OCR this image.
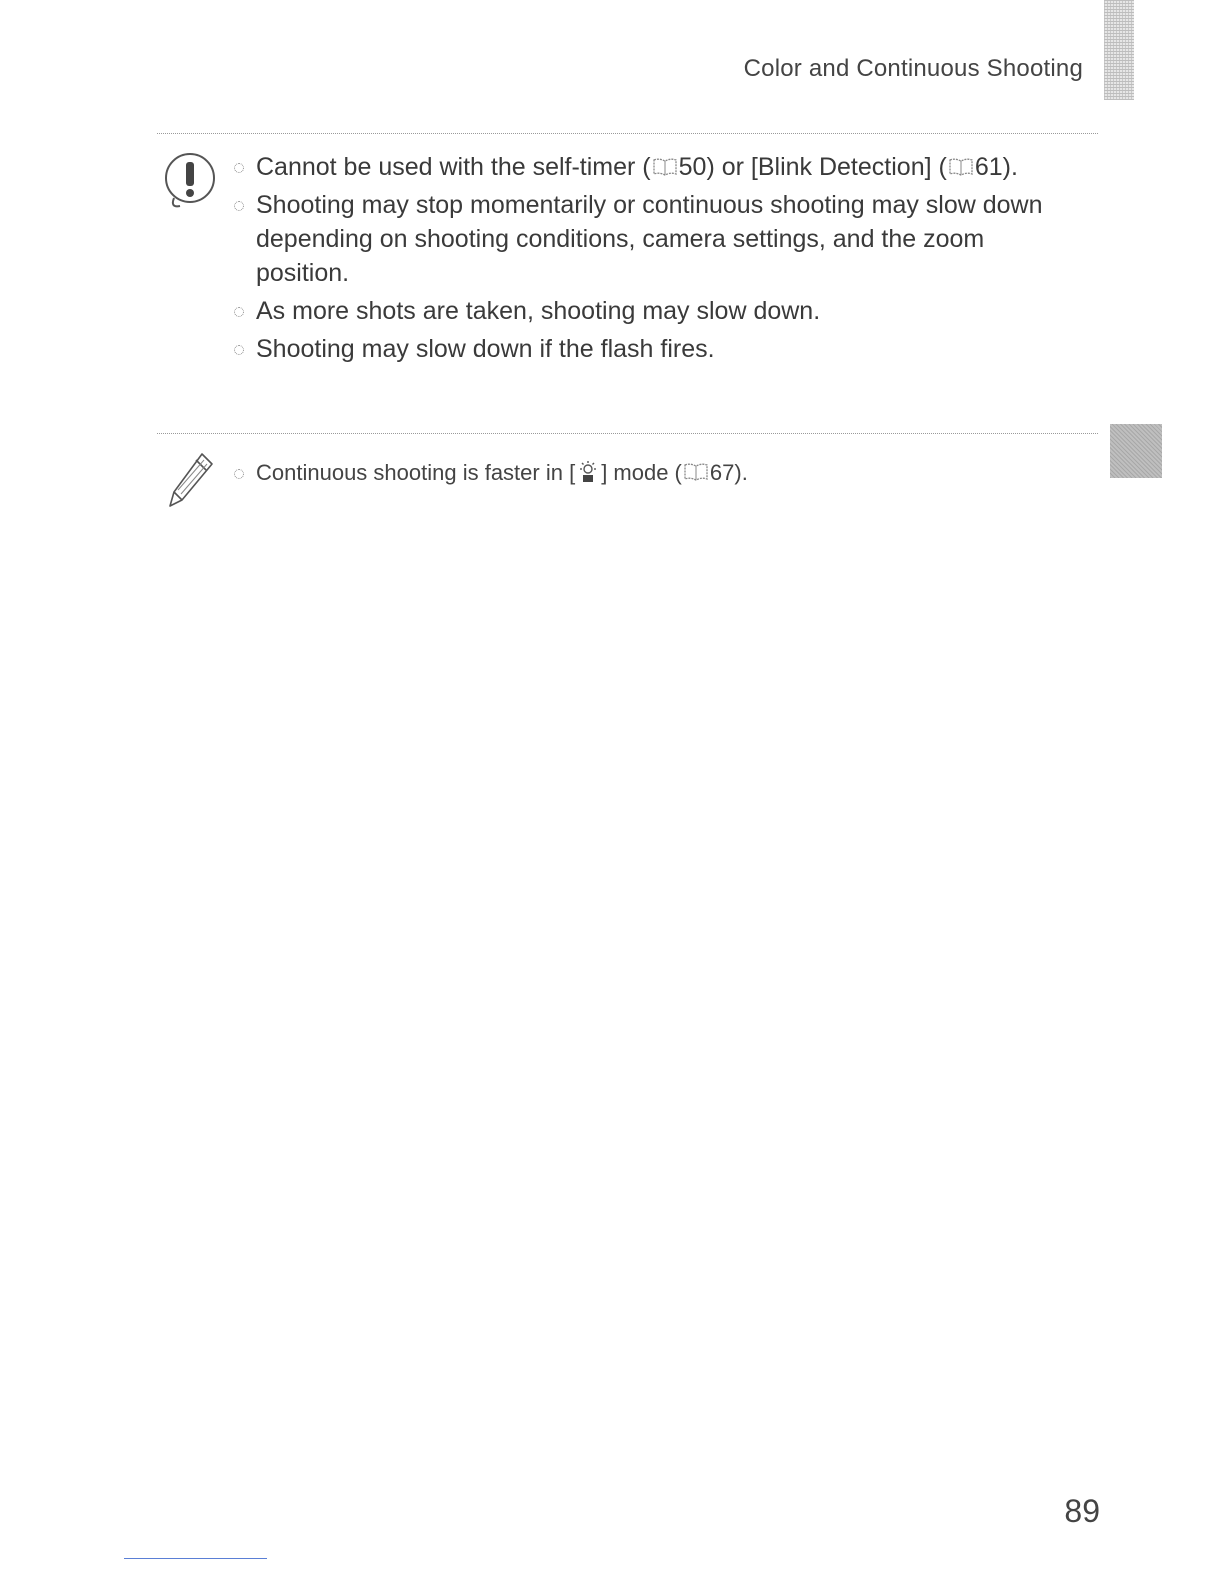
Color and Continuous Shooting
Cannot be used with the self-timer ( 50) or [Blink Detection] ( 61).
Shooting may stop momentarily or continuous shooting may slow down depending on shooting conditions, camera settings, and the zoom position.
As more shots are taken, shooting may slow down.
Shooting may slow down if the flash fires.
Continuous shooting is faster in [ ] mode ( 67).
89
